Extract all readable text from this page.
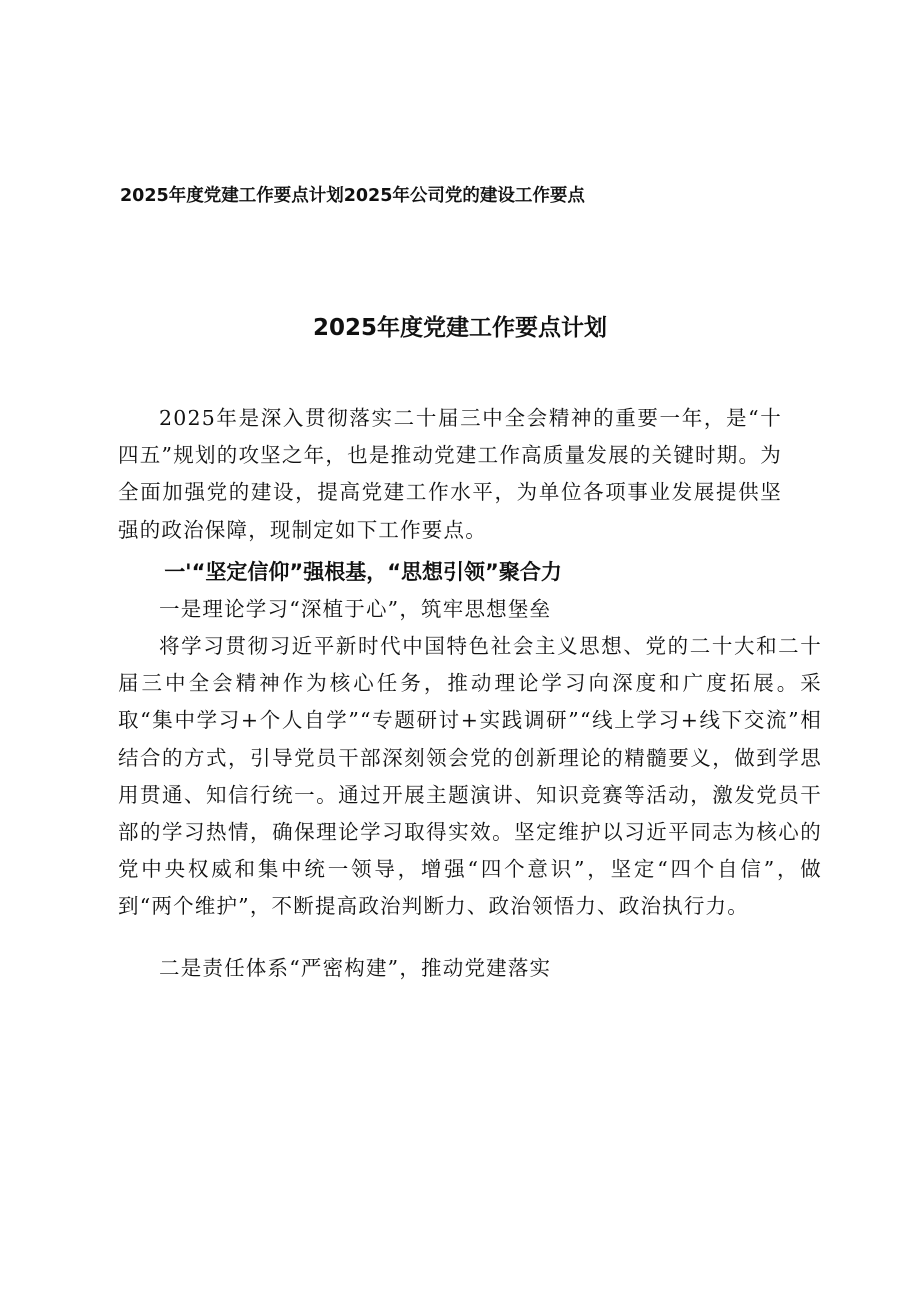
2025年度党建工作要点计划2025年公司党的建设工作要点
2025年度党建工作要点计划

2025年是深入贯彻落实二十届三中全会精神的重要一年，是“十四五”规划的攻坚之年，也是推动党建工作高质量发展的关键时期。为全面加强党的建设，提高党建工作水平，为单位各项事业发展提供坚强的政治保障，现制定如下工作要点。

一'“坚定信仰”强根基，“思想引领”聚合力

一是理论学习“深植于心”，筑牢思想堡垒

将学习贯彻习近平新时代中国特色社会主义思想、党的二十大和二十届三中全会精神作为核心任务，推动理论学习向深度和广度拓展。采取“集中学习+个人自学”“专题研讨+实践调研”“线上学习+线下交流”相结合的方式，引导党员干部深刻领会党的创新理论的精髓要义，做到学思用贯通、知信行统一。通过开展主题演讲、知识竞赛等活动，激发党员干部的学习热情，确保理论学习取得实效。坚定维护以习近平同志为核心的党中央权威和集中统一领导，增强“四个意识”，坚定“四个自信”，做到“两个维护”，不断提高政治判断力、政治领悟力、政治执行力。

二是责任体系“严密构建”，推动党建落实
